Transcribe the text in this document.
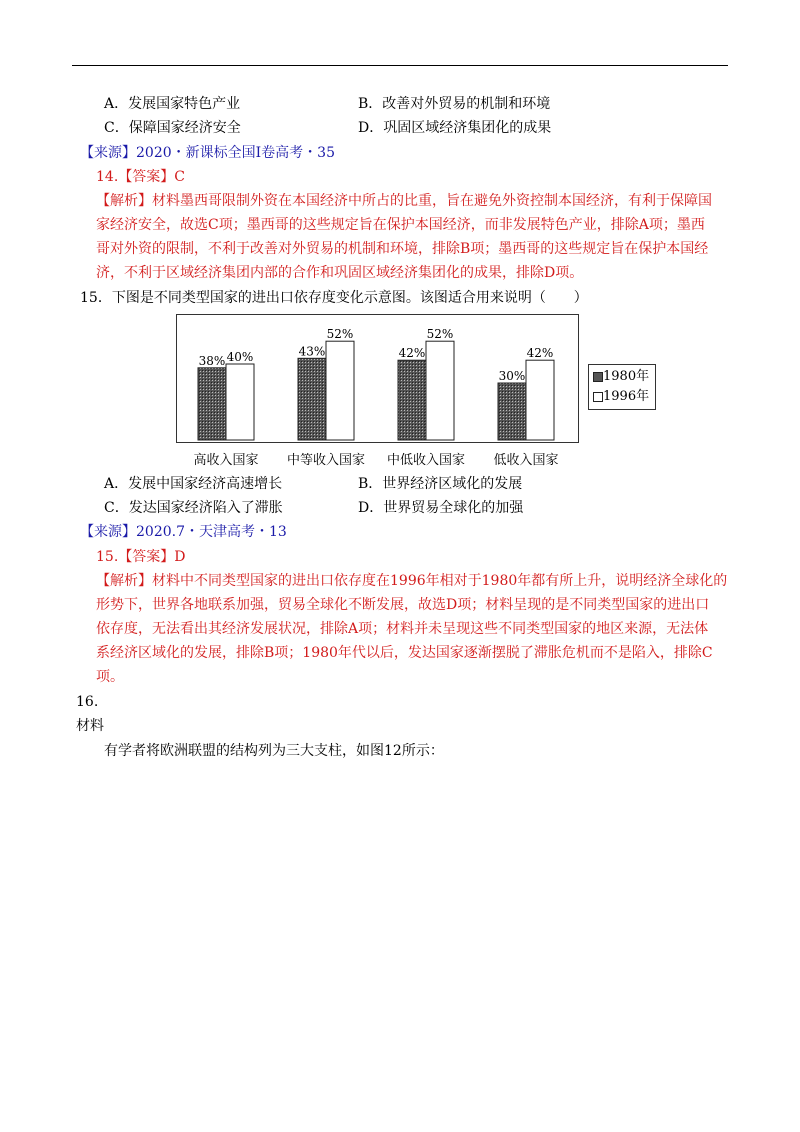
A．发展国家特色产业	B．改善对外贸易的机制和环境
C．保障国家经济安全	D．巩固区域经济集团化的成果
【来源】2020・新课标全国Ⅰ卷高考・35
14.【答案】C
【解析】材料墨西哥限制外资在本国经济中所占的比重，旨在避免外资控制本国经济，有利于保障国
家经济安全，故选C项；墨西哥的这些规定旨在保护本国经济，而非发展特色产业，排除A项；墨西
哥对外资的限制，不利于改善对外贸易的机制和环境，排除B项；墨西哥的这些规定旨在保护本国经
济，不利于区域经济集团内部的合作和巩固区域经济集团化的成果，排除D项。
15．下图是不同类型国家的进出口依存度变化示意图。该图适合用来说明（　　）
38% 40%
高收入国家
43%
52%
中等收入国家
42%
52%
中低收入国家
30%
42%
低收入国家
A．发展中国家经济高速增长	B．世界经济区域化的发展
C．发达国家经济陷入了滞胀	D．世界贸易全球化的加强
【来源】2020.7・天津高考・13
15.【答案】D
【解析】材料中不同类型国家的进出口依存度在1996年相对于1980年都有所上升，说明经济全球化的
形势下，世界各地联系加强，贸易全球化不断发展，故选D项；材料呈现的是不同类型国家的进出口
依存度，无法看出其经济发展状况，排除A项；材料并未呈现这些不同类型国家的地区来源，无法体
系经济区域化的发展，排除B项；1980年代以后，发达国家逐渐摆脱了滞胀危机而不是陷入，排除C
项。
16.
材料
有学者将欧洲联盟的结构列为三大支柱，如图12所示：
1980年
1996年
